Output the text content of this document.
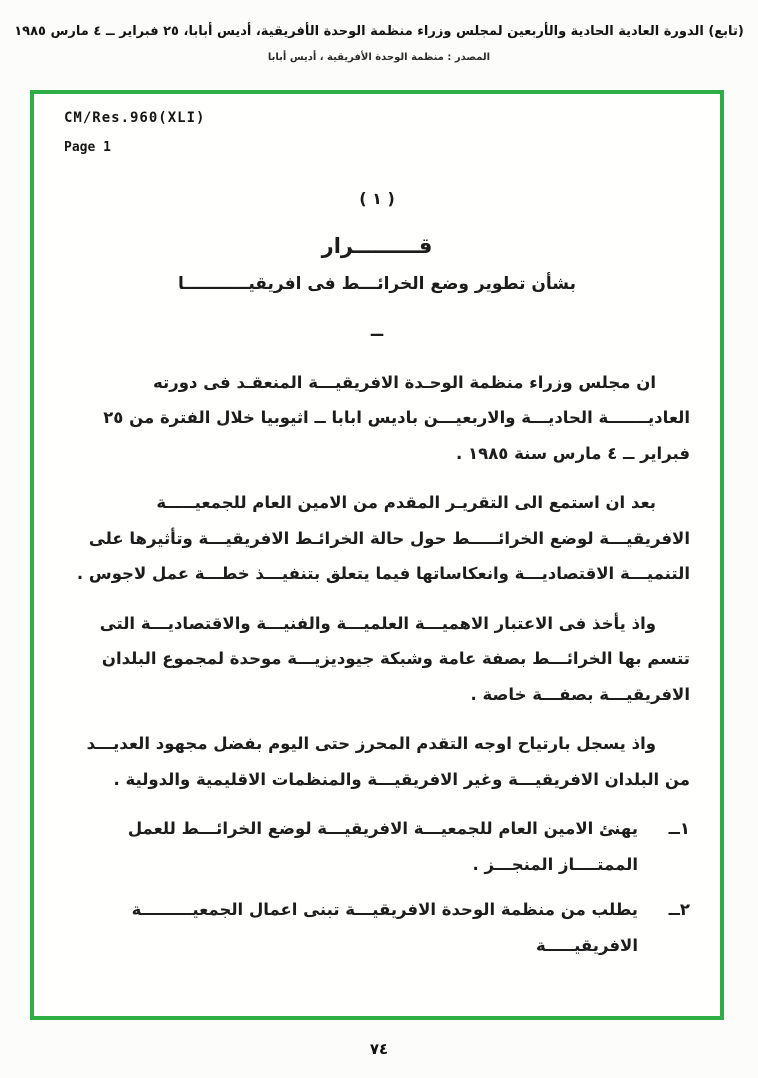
(تابع) الدورة العادية الحادية والأربعين لمجلس وزراء منظمة الوحدة الأفريقية، أديس أبابا، ٢٥ فبراير ــ ٤ مارس ١٩٨٥
المصدر : منظمة الوحدة الأفريقية ، أديس أبابا
CM/Res.960(XLI)
Page 1
( ١ )
قـــــــــرار
بشأن تطوير وضع الخرائـــط فى افريقيـــــــــــا
ــ

ان مجلس وزراء منظمة الوحـدة الافريقيـــة المنعقـد فى دورته العاديـــــــة الحاديـــة والاربعيـــن باديس ابابا ــ اثيوبيا خلال الفترة من ٢٥ فبراير ــ ٤ مارس سنة ١٩٨٥ .

بعد ان استمع الى التقريـر المقدم من الامين العام للجمعيـــــة الافريقيـــة لوضع الخرائـــــط حول حالة الخرائـط الافريقيـــة وتأثيرها على التنميـــة الاقتصاديـــة وانعكاساتها فيما يتعلق بتنفيـــذ خطـــة عمل لاجوس .

واذ يأخذ فى الاعتبار الاهميـــة العلميـــة والفنيـــة والاقتصاديـــة التى تتسم بها الخرائـــط بصفة عامة وشبكة جيوديزيـــة موحدة لمجموع البلدان الافريقيـــة بصفـــة خاصة .

واذ يسجل بارتياح اوجه التقدم المحرز حتى اليوم بفضل مجهود العديـــد من البلدان الافريقيـــة وغير الافريقيـــة والمنظمات الاقليمية والدولية .

١ــ
يهنئ الامين العام للجمعيـــة الافريقيـــة لوضع الخرائـــط للعمل الممتــــاز المنجـــز .
٢ــ
يطلب من منظمة الوحدة الافريقيـــة تبنى اعمال الجمعيـــــــــة الافريقيـــــة
٧٤
